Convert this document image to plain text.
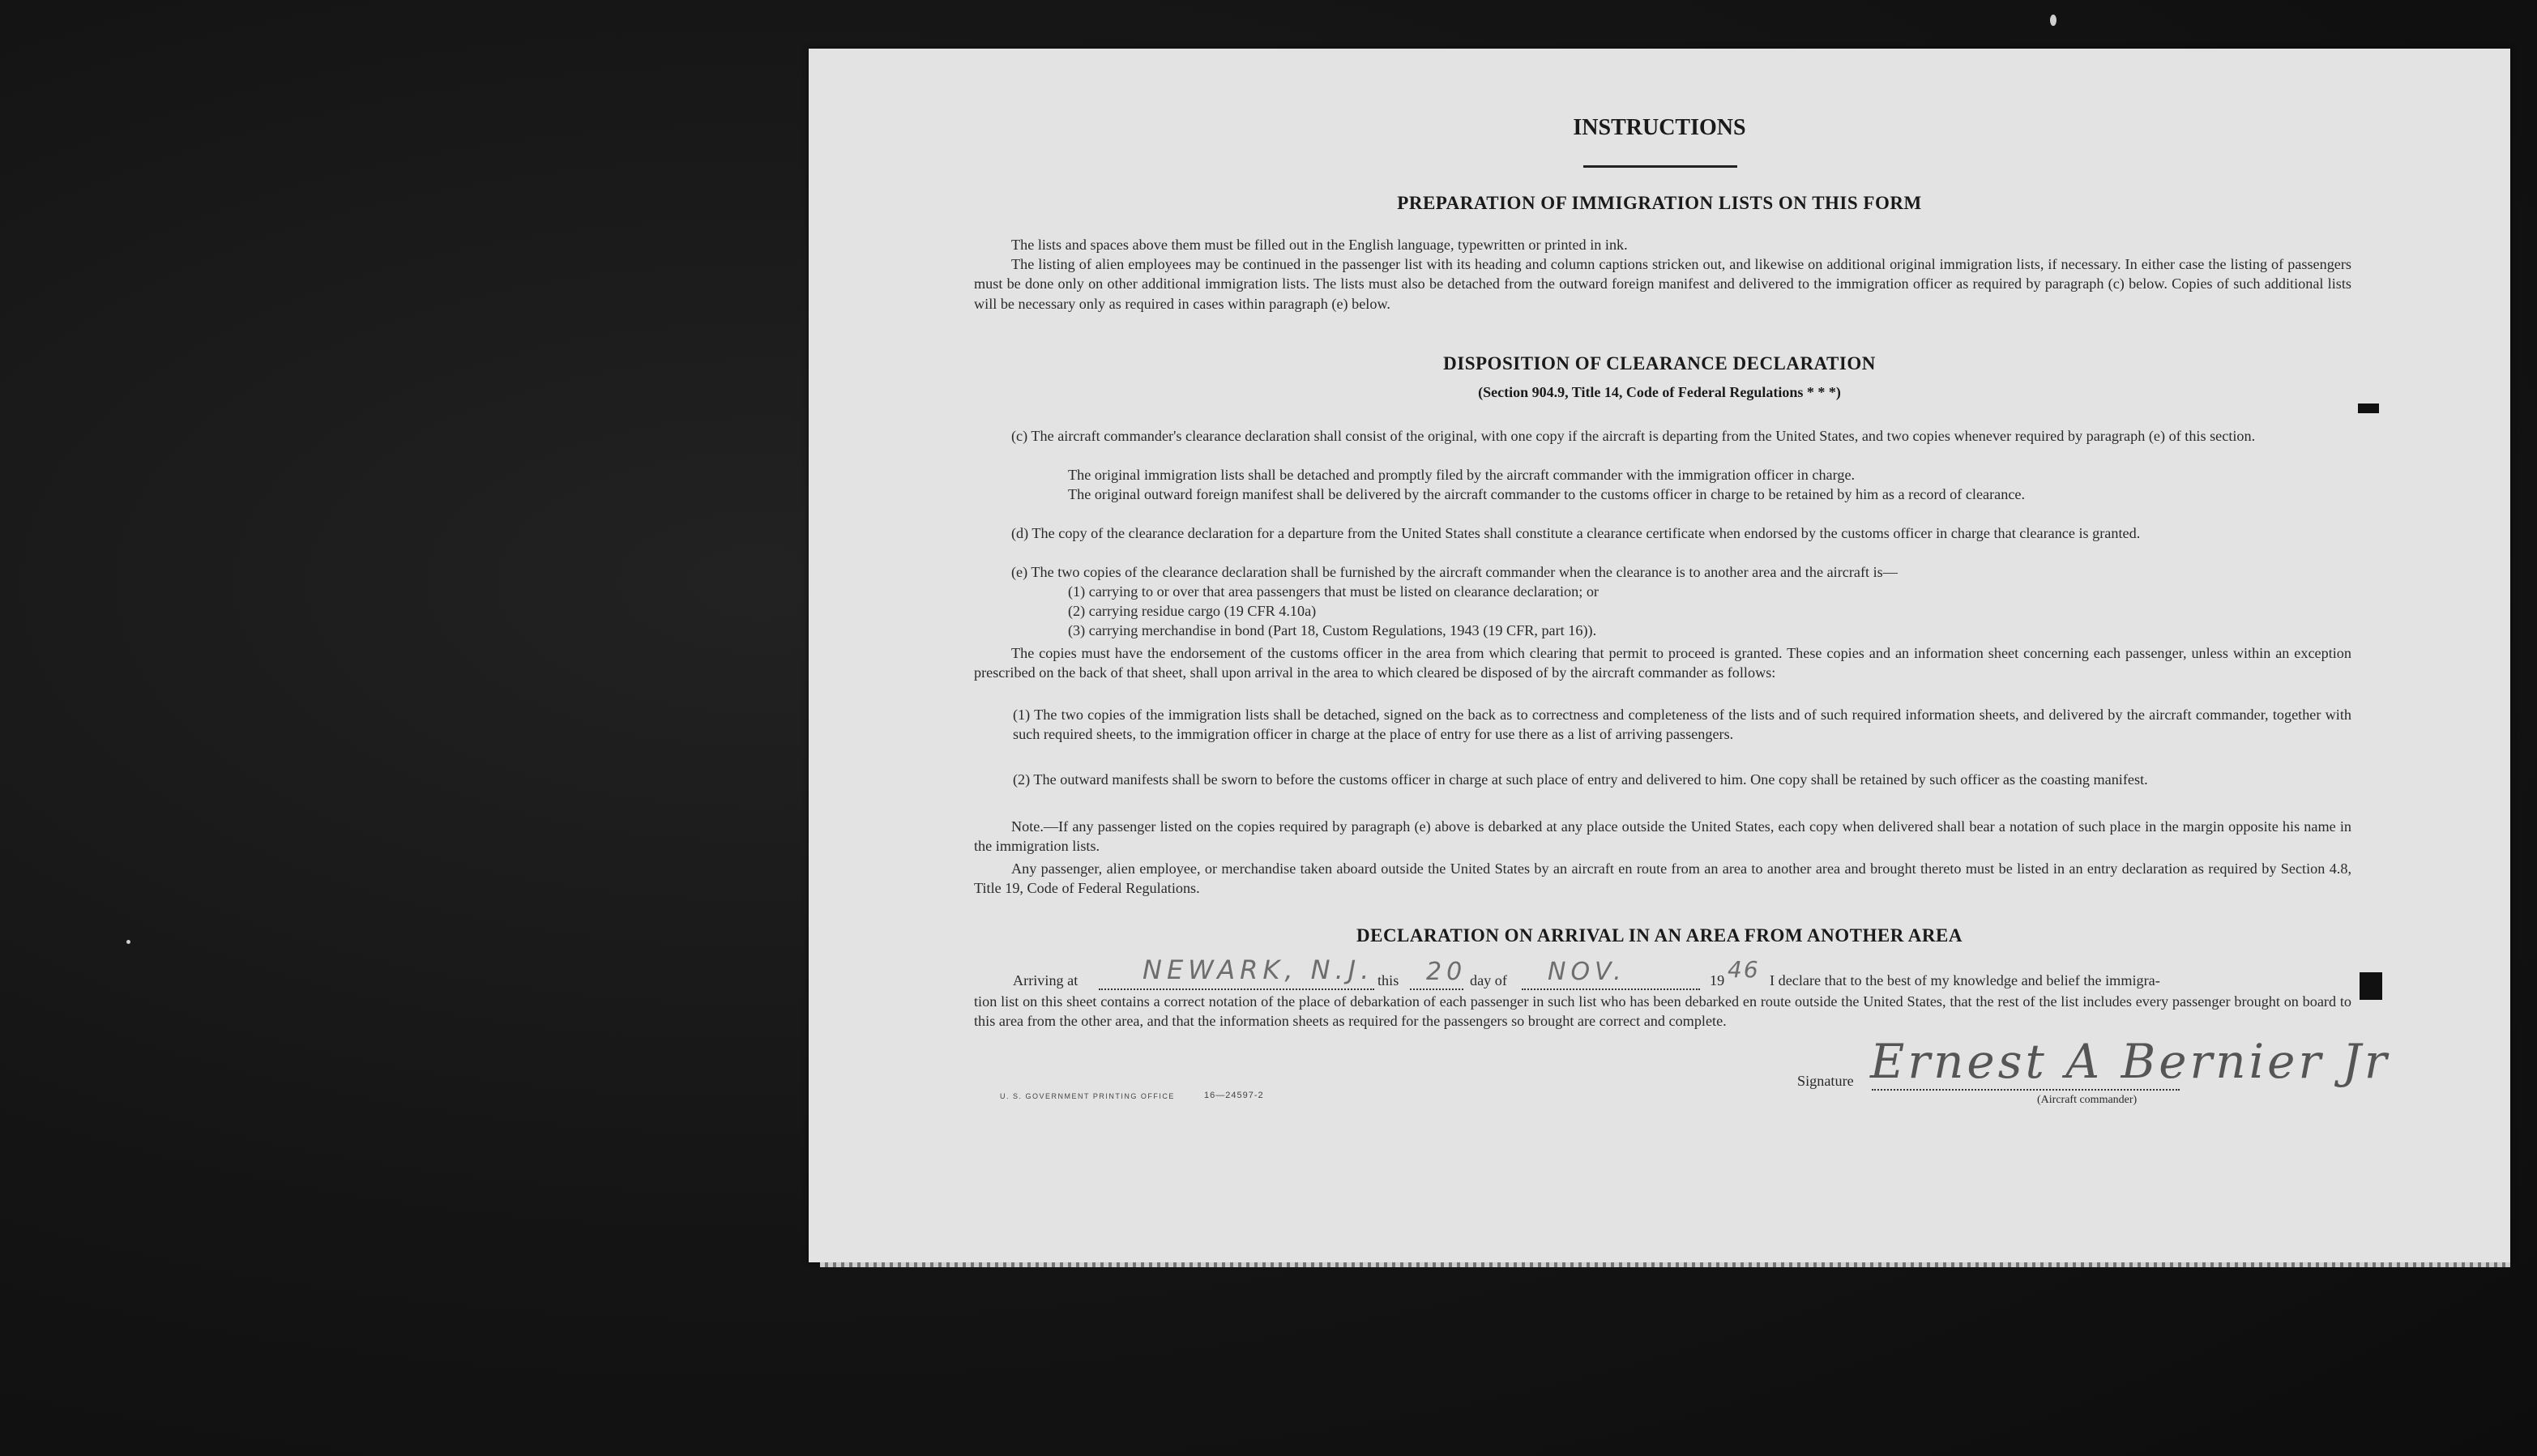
INSTRUCTIONS
PREPARATION OF IMMIGRATION LISTS ON THIS FORM
The lists and spaces above them must be filled out in the English language, typewritten or printed in ink.
The listing of alien employees may be continued in the passenger list with its heading and column captions stricken out, and likewise on additional original immigration lists, if necessary. In either case the listing of passengers must be done only on other additional immigration lists. The lists must also be detached from the outward foreign manifest and delivered to the immigration officer as required by paragraph (c) below. Copies of such additional lists will be necessary only as required in cases within paragraph (e) below.
DISPOSITION OF CLEARANCE DECLARATION
(Section 904.9, Title 14, Code of Federal Regulations * * *)
(c) The aircraft commander's clearance declaration shall consist of the original, with one copy if the aircraft is departing from the United States, and two copies whenever required by paragraph (e) of this section.
The original immigration lists shall be detached and promptly filed by the aircraft commander with the immigration officer in charge.
The original outward foreign manifest shall be delivered by the aircraft commander to the customs officer in charge to be retained by him as a record of clearance.
(d) The copy of the clearance declaration for a departure from the United States shall constitute a clearance certificate when endorsed by the customs officer in charge that clearance is granted.
(e) The two copies of the clearance declaration shall be furnished by the aircraft commander when the clearance is to another area and the aircraft is—
(1) carrying to or over that area passengers that must be listed on clearance declaration; or
(2) carrying residue cargo (19 CFR 4.10a)
(3) carrying merchandise in bond (Part 18, Custom Regulations, 1943 (19 CFR, part 16)).
The copies must have the endorsement of the customs officer in the area from which clearing that permit to proceed is granted. These copies and an information sheet concerning each passenger, unless within an exception prescribed on the back of that sheet, shall upon arrival in the area to which cleared be disposed of by the aircraft commander as follows:
(1) The two copies of the immigration lists shall be detached, signed on the back as to correctness and completeness of the lists and of such required information sheets, and delivered by the aircraft commander, together with such required sheets, to the immigration officer in charge at the place of entry for use there as a list of arriving passengers.
(2) The outward manifests shall be sworn to before the customs officer in charge at such place of entry and delivered to him. One copy shall be retained by such officer as the coasting manifest.
Note.—If any passenger listed on the copies required by paragraph (e) above is debarked at any place outside the United States, each copy when delivered shall bear a notation of such place in the margin opposite his name in the immigration lists.
Any passenger, alien employee, or merchandise taken aboard outside the United States by an aircraft en route from an area to another area and brought thereto must be listed in an entry declaration as required by Section 4.8, Title 19, Code of Federal Regulations.
DECLARATION ON ARRIVAL IN AN AREA FROM ANOTHER AREA
Arriving at NEWARK, N.J. this 20 day of NOV.	19 46 I declare that to the best of my knowledge and belief the immigra-
tion list on this sheet contains a correct notation of the place of debarkation of each passenger in such list who has been debarked en route outside the United States, that the rest of the list includes every passenger brought on board to this area from the other area, and that the information sheets as required for the passengers so brought are correct and complete.
Signature Ernest A Bernier Jr
(Aircraft commander)
U. S. GOVERNMENT PRINTING OFFICE	16—24597-2
